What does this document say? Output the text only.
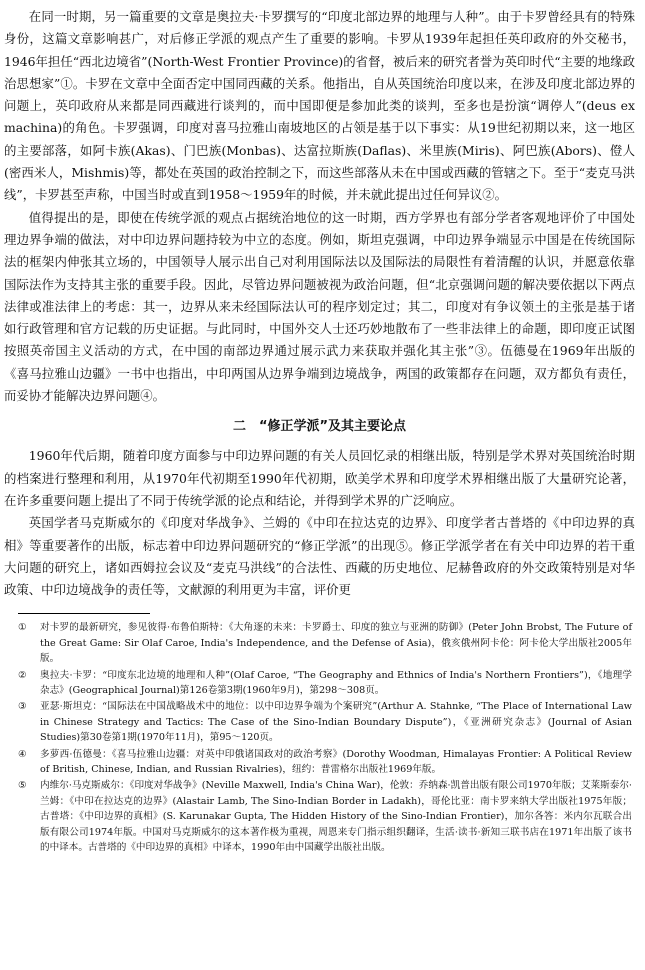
在同一时期，另一篇重要的文章是奥拉夫·卡罗撰写的“印度北部边界的地理与人种”。由于卡罗曾经具有的特殊身份，这篇文章影响甚广，对后修正学派的观点产生了重要的影响。卡罗从1939年起担任英印政府的外交秘书，1946年担任“西北边境省”(North-West Frontier Province)的省督，被后来的研究者誉为英印时代“主要的地缘政治思想家”①。卡罗在文章中全面否定中国同西藏的关系。他指出，自从英国统治印度以来，在涉及印度北部边界的问题上，英印政府从来都是同西藏进行谈判的，而中国即便是参加此类的谈判，至多也是扮演“调停人”(deus ex machina)的角色。卡罗强调，印度对喜马拉雅山南坡地区的占领是基于以下事实：从19世纪初期以来，这一地区的主要部落，如阿卡族(Akas)、门巴族(Monbas)、达富拉斯族(Daflas)、米里族(Miris)、阿巴族(Abors)、僜人(密西米人，Mishmis)等，都处在英国的政治控制之下，而这些部落从未在中国或西藏的管辖之下。至于“麦克马洪线”，卡罗甚至声称，中国当时或直到1958～1959年的时候，并未就此提出过任何异议②。

值得提出的是，即使在传统学派的观点占据统治地位的这一时期，西方学界也有部分学者客观地评价了中国处理边界争端的做法，对中印边界问题持较为中立的态度。例如，斯坦克强调，中印边界争端显示中国是在传统国际法的框架内伸张其立场的，中国领导人展示出自己对利用国际法以及国际法的局限性有着清醒的认识，并愿意依靠国际法作为支持其主张的重要手段。因此，尽管边界问题被视为政治问题，但“北京强调问题的解决要依据以下两点法律或准法律上的考虑：其一，边界从来未经国际法认可的程序划定过；其二，印度对有争议领土的主张是基于诸如行政管理和官方记载的历史证据。与此同时，中国外交人士还巧妙地散布了一些非法律上的命题，即印度正试图按照英帝国主义活动的方式，在中国的南部边界通过展示武力来获取并强化其主张”③。伍德曼在1969年出版的《喜马拉雅山边疆》一书中也指出，中印两国从边界争端到边境战争，两国的政策都存在问题，双方都负有责任，而妥协才能解决边界问题④。

二　“修正学派”及其主要论点

1960年代后期，随着印度方面参与中印边界问题的有关人员回忆录的相继出版，特别是学术界对英国统治时期的档案进行整理和利用，从1970年代初期至1990年代初期，欧美学术界和印度学术界相继出版了大量研究论著，在许多重要问题上提出了不同于传统学派的论点和结论，并得到学术界的广泛响应。

英国学者马克斯威尔的《印度对华战争》、兰姆的《中印在拉达克的边界》、印度学者古普塔的《中印边界的真相》等重要著作的出版，标志着中印边界问题研究的“修正学派”的出现⑤。修正学派学者在有关中印边界的若干重大问题的研究上，诸如西姆拉会议及“麦克马洪线”的合法性、西藏的历史地位、尼赫鲁政府的外交政策特别是对华政策、中印边境战争的责任等，文献源的利用更为丰富，评价更

①	对卡罗的最新研究，参见彼得·布鲁伯斯特：《大角逐的未来：卡罗爵士、印度的独立与亚洲的防御》(Peter John Brobst, The Future of the Great Game: Sir Olaf Caroe, India's Independence, and the Defense of Asia)，俄亥俄州阿卡伦：阿卡伦大学出版社2005年版。
②	奥拉夫·卡罗：“印度东北边境的地理和人种”(Olaf Caroe, “The Geography and Ethnics of India's Northern Frontiers”)，《地理学杂志》(Geographical Journal)第126卷第3期(1960年9月)，第298～308页。
③	亚瑟·斯坦克：“国际法在中国战略战术中的地位：以中印边界争端为个案研究”(Arthur A. Stahnke, “The Place of International Law in Chinese Strategy and Tactics: The Case of the Sino-Indian Boundary Dispute”)，《亚洲研究杂志》(Journal of Asian Studies)第30卷第1期(1970年11月)，第95～120页。
④	多萝西·伍德曼：《喜马拉雅山边疆：对英中印俄诸国政对的政治考察》(Dorothy Woodman, Himalayas Frontier: A Political Review of British, Chinese, Indian, and Russian Rivalries)，纽约：普雷格尔出版社1969年版。
⑤	内维尔·马克斯威尔：《印度对华战争》(Neville Maxwell, India's China War)，伦敦：乔纳森·凯普出版有限公司1970年版；艾莱斯泰尔·兰姆：《中印在拉达克的边界》(Alastair Lamb, The Sino-Indian Border in Ladakh)，哥伦比亚：南卡罗来纳大学出版社1975年版；古普塔：《中印边界的真相》(S. Karunakar Gupta, The Hidden History of the Sino-Indian Frontier)，加尔各答：米内尔瓦联合出版有限公司1974年版。中国对马克斯威尔的这本著作极为重视，周恩来专门指示组织翻译，生活·读书·新知三联书店在1971年出版了该书的中译本。古普塔的《中印边界的真相》中译本，1990年由中国藏学出版社出版。
